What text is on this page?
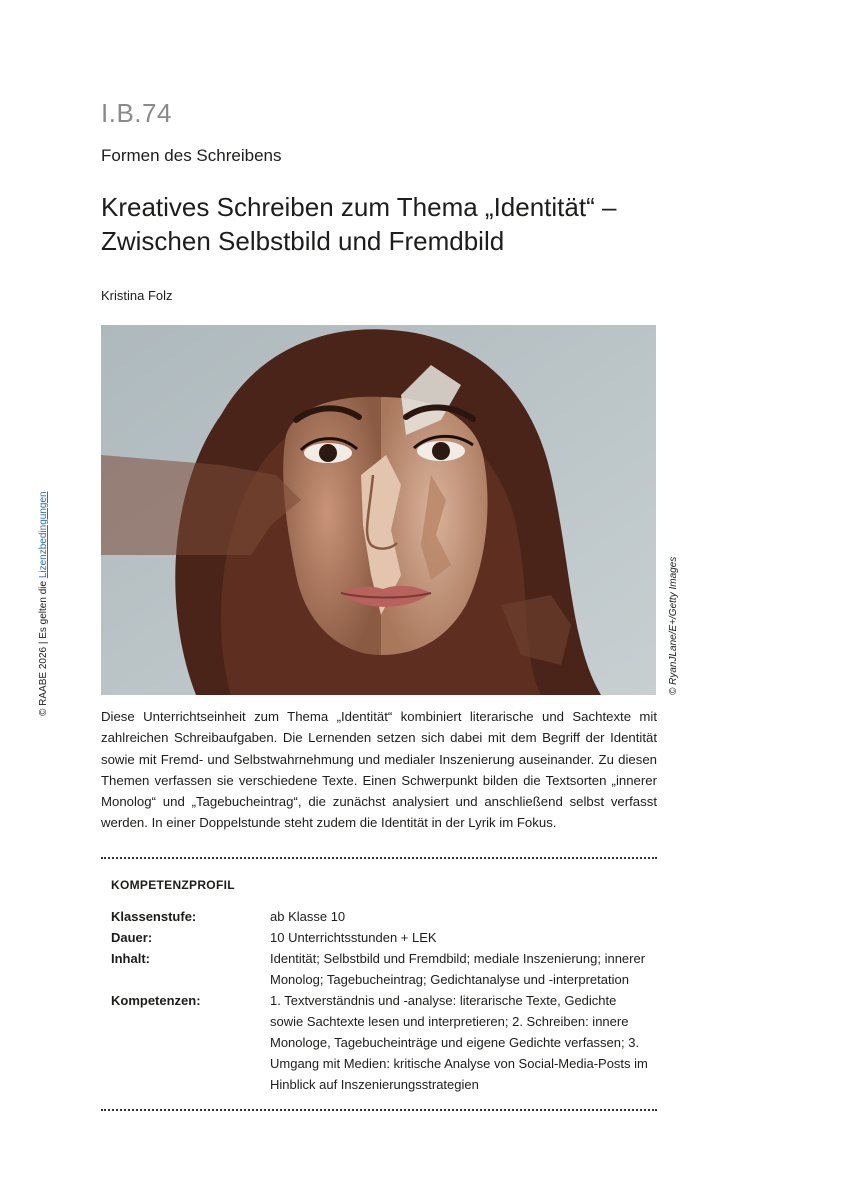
I.B.74
Formen des Schreibens
Kreatives Schreiben zum Thema „Identität“ –
Zwischen Selbstbild und Fremdbild
Kristina Folz
© RyanJLane/E+/Getty Images
© RAABE 2026 | Es gelten die Lizenzbedingungen

Diese Unterrichtseinheit zum Thema „Identität“ kombiniert literarische und Sachtexte mit zahlreichen Schreibaufgaben. Die Lernenden setzen sich dabei mit dem Begriff der Identität sowie mit Fremd- und Selbstwahrnehmung und medialer Inszenierung auseinander. Zu diesen Themen verfassen sie verschiedene Texte. Einen Schwerpunkt bilden die Textsorten „innerer Monolog“ und „Tagebucheintrag“, die zunächst analysiert und anschließend selbst verfasst werden. In einer Doppelstunde steht zudem die Identität in der Lyrik im Fokus.

KOMPETENZPROFIL
Klassenstufe:	ab Klasse 10
Dauer:	10 Unterrichtsstunden + LEK
Inhalt:	Identität; Selbstbild und Fremdbild; mediale Inszenierung; innerer Monolog; Tagebucheintrag; Gedichtanalyse und -interpretation
Kompetenzen:	1. Textverständnis und -analyse: literarische Texte, Gedichte sowie Sachtexte lesen und interpretieren; 2. Schreiben: innere Monologe, Tagebucheinträge und eigene Gedichte verfassen; 3. Umgang mit Medien: kritische Analyse von Social-Media-Posts im Hinblick auf Inszenierungsstrategien
